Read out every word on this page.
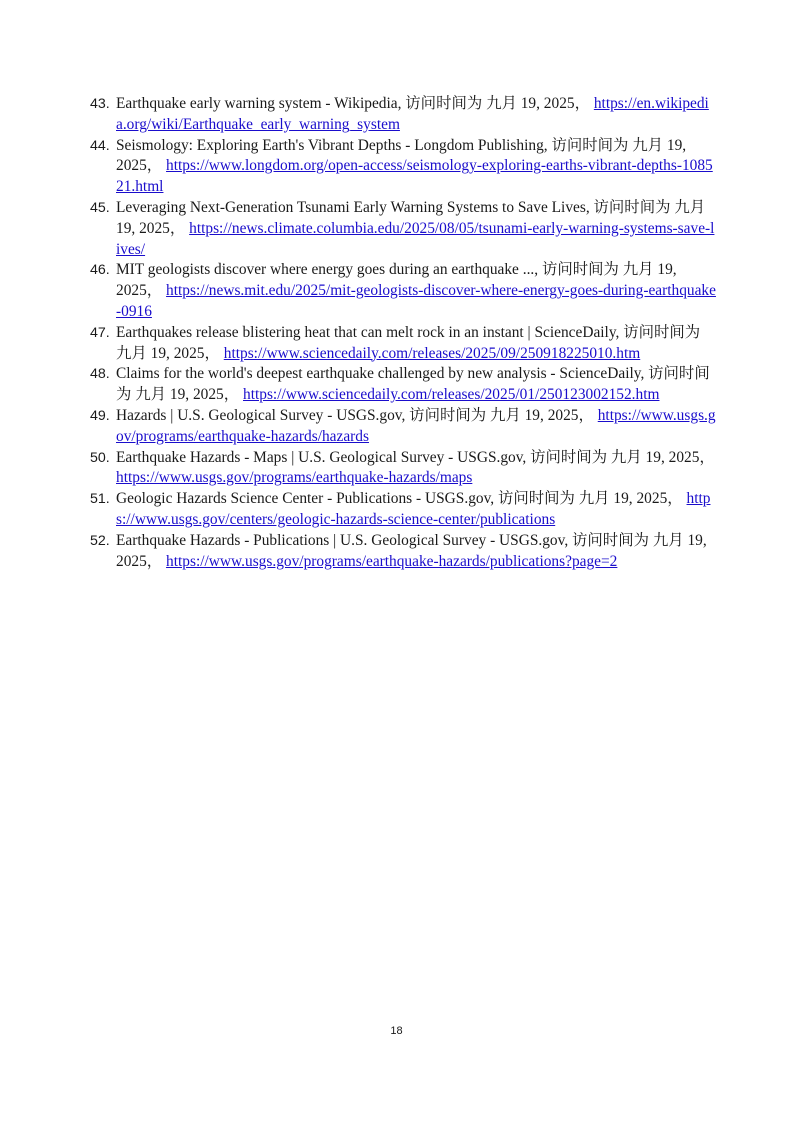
43. Earthquake early warning system - Wikipedia, 访问时间为 九月 19, 2025， https://en.wikipedia.org/wiki/Earthquake_early_warning_system
44. Seismology: Exploring Earth's Vibrant Depths - Longdom Publishing, 访问时间为 九月 19, 2025， https://www.longdom.org/open-access/seismology-exploring-earths-vibrant-depths-108521.html
45. Leveraging Next-Generation Tsunami Early Warning Systems to Save Lives, 访问时间为 九月 19, 2025， https://news.climate.columbia.edu/2025/08/05/tsunami-early-warning-systems-save-lives/
46. MIT geologists discover where energy goes during an earthquake ..., 访问时间为 九月 19, 2025， https://news.mit.edu/2025/mit-geologists-discover-where-energy-goes-during-earthquake-0916
47. Earthquakes release blistering heat that can melt rock in an instant | ScienceDaily, 访问时间为 九月 19, 2025， https://www.sciencedaily.com/releases/2025/09/250918225010.htm
48. Claims for the world's deepest earthquake challenged by new analysis - ScienceDaily, 访问时间为 九月 19, 2025， https://www.sciencedaily.com/releases/2025/01/250123002152.htm
49. Hazards | U.S. Geological Survey - USGS.gov, 访问时间为 九月 19, 2025， https://www.usgs.gov/programs/earthquake-hazards/hazards
50. Earthquake Hazards - Maps | U.S. Geological Survey - USGS.gov, 访问时间为 九月 19, 2025， https://www.usgs.gov/programs/earthquake-hazards/maps
51. Geologic Hazards Science Center - Publications - USGS.gov, 访问时间为 九月 19, 2025， https://www.usgs.gov/centers/geologic-hazards-science-center/publications
52. Earthquake Hazards - Publications | U.S. Geological Survey - USGS.gov, 访问时间为 九月 19, 2025， https://www.usgs.gov/programs/earthquake-hazards/publications?page=2
18
